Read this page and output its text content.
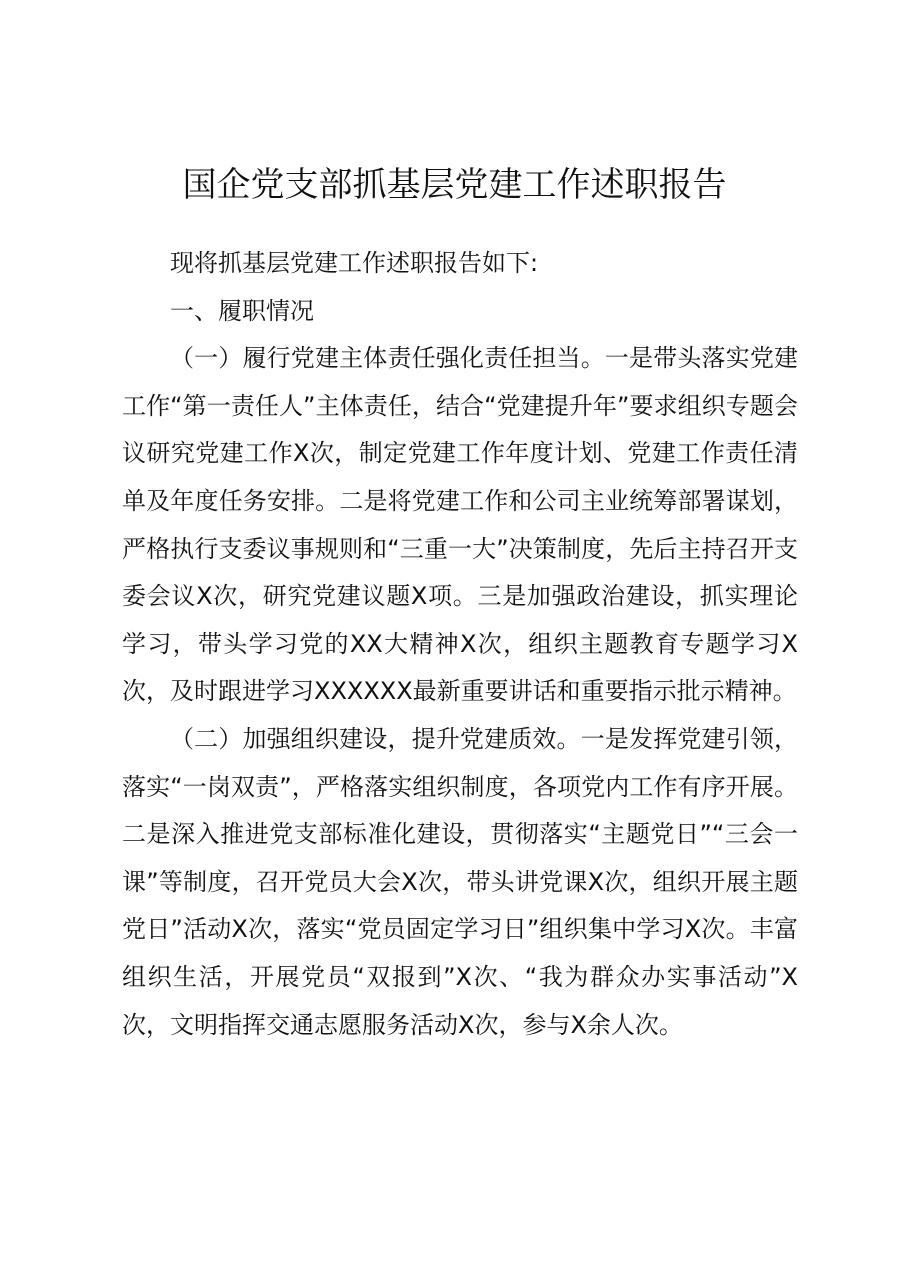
国企党支部抓基层党建工作述职报告

现将抓基层党建工作述职报告如下:

一、履职情况

（一）履行党建主体责任强化责任担当。一是带头落实党建工作“第一责任人”主体责任，结合“党建提升年”要求组织专题会议研究党建工作X次，制定党建工作年度计划、党建工作责任清单及年度任务安排。二是将党建工作和公司主业统筹部署谋划，严格执行支委议事规则和“三重一大”决策制度，先后主持召开支委会议X次，研究党建议题X项。三是加强政治建设，抓实理论学习，带头学习党的XX大精神X次，组织主题教育专题学习X次，及时跟进学习XXXXXX最新重要讲话和重要指示批示精神。

（二）加强组织建设，提升党建质效。一是发挥党建引领，落实“一岗双责”，严格落实组织制度，各项党内工作有序开展。二是深入推进党支部标准化建设，贯彻落实“主题党日”“三会一课”等制度，召开党员大会X次，带头讲党课X次，组织开展主题党日”活动X次，落实“党员固定学习日”组织集中学习X次。丰富组织生活，开展党员“双报到”X次、“我为群众办实事活动”X次，文明指挥交通志愿服务活动X次，参与X余人次。
